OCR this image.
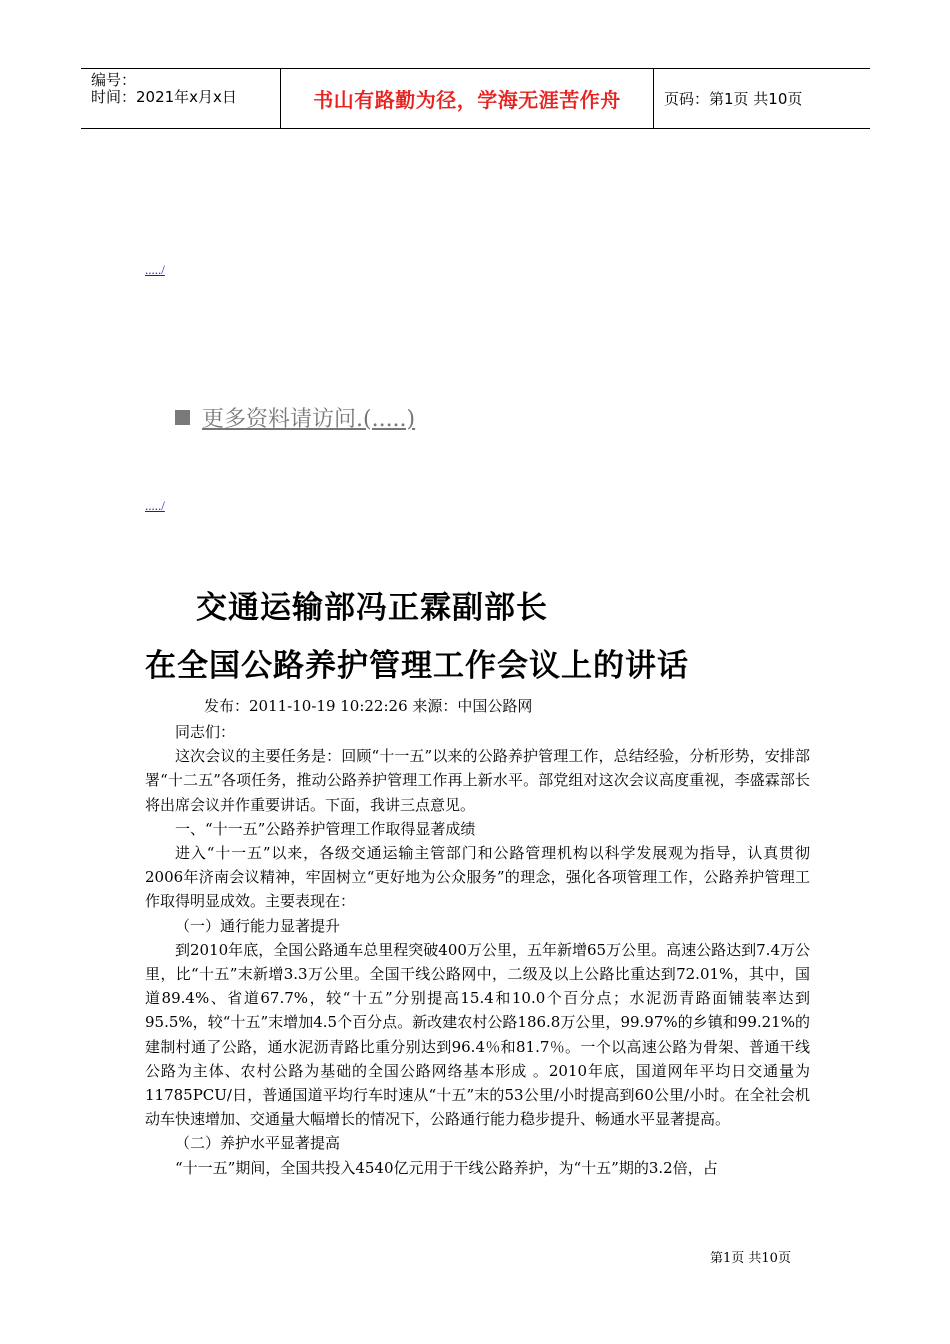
编号：
时间：2021年x月x日	书山有路勤为径，学海无涯苦作舟	页码：第1页 共10页
...../
更多资料请访问.(.....)
...../
交通运输部冯正霖副部长
在全国公路养护管理工作会议上的讲话
发布：2011-10-19 10:22:26 来源：中国公路网

同志们：

这次会议的主要任务是：回顾“十一五”以来的公路养护管理工作，总结经验，分析形势，安排部署“十二五”各项任务，推动公路养护管理工作再上新水平。部党组对这次会议高度重视，李盛霖部长将出席会议并作重要讲话。下面，我讲三点意见。

一、“十一五”公路养护管理工作取得显著成绩

进入“十一五”以来，各级交通运输主管部门和公路管理机构以科学发展观为指导，认真贯彻2006年济南会议精神，牢固树立“更好地为公众服务”的理念，强化各项管理工作，公路养护管理工作取得明显成效。主要表现在：

（一）通行能力显著提升

到2010年底，全国公路通车总里程突破400万公里，五年新增65万公里。高速公路达到7.4万公里，比“十五”末新增3.3万公里。全国干线公路网中，二级及以上公路比重达到72.01%，其中，国道89.4%、省道67.7%，较“十五”分别提高15.4和10.0个百分点；水泥沥青路面铺装率达到95.5%，较“十五”末增加4.5个百分点。新改建农村公路186.8万公里，99.97%的乡镇和99.21%的建制村通了公路，通水泥沥青路比重分别达到96.4％和81.7％。一个以高速公路为骨架、普通干线公路为主体、农村公路为基础的全国公路网络基本形成 。2010年底，国道网年平均日交通量为11785PCU/日，普通国道平均行车时速从“十五”末的53公里/小时提高到60公里/小时。在全社会机动车快速增加、交通量大幅增长的情况下，公路通行能力稳步提升、畅通水平显著提高。

（二）养护水平显著提高

“十一五”期间，全国共投入4540亿元用于干线公路养护，为“十五”期的3.2倍，占

第1页 共10页
